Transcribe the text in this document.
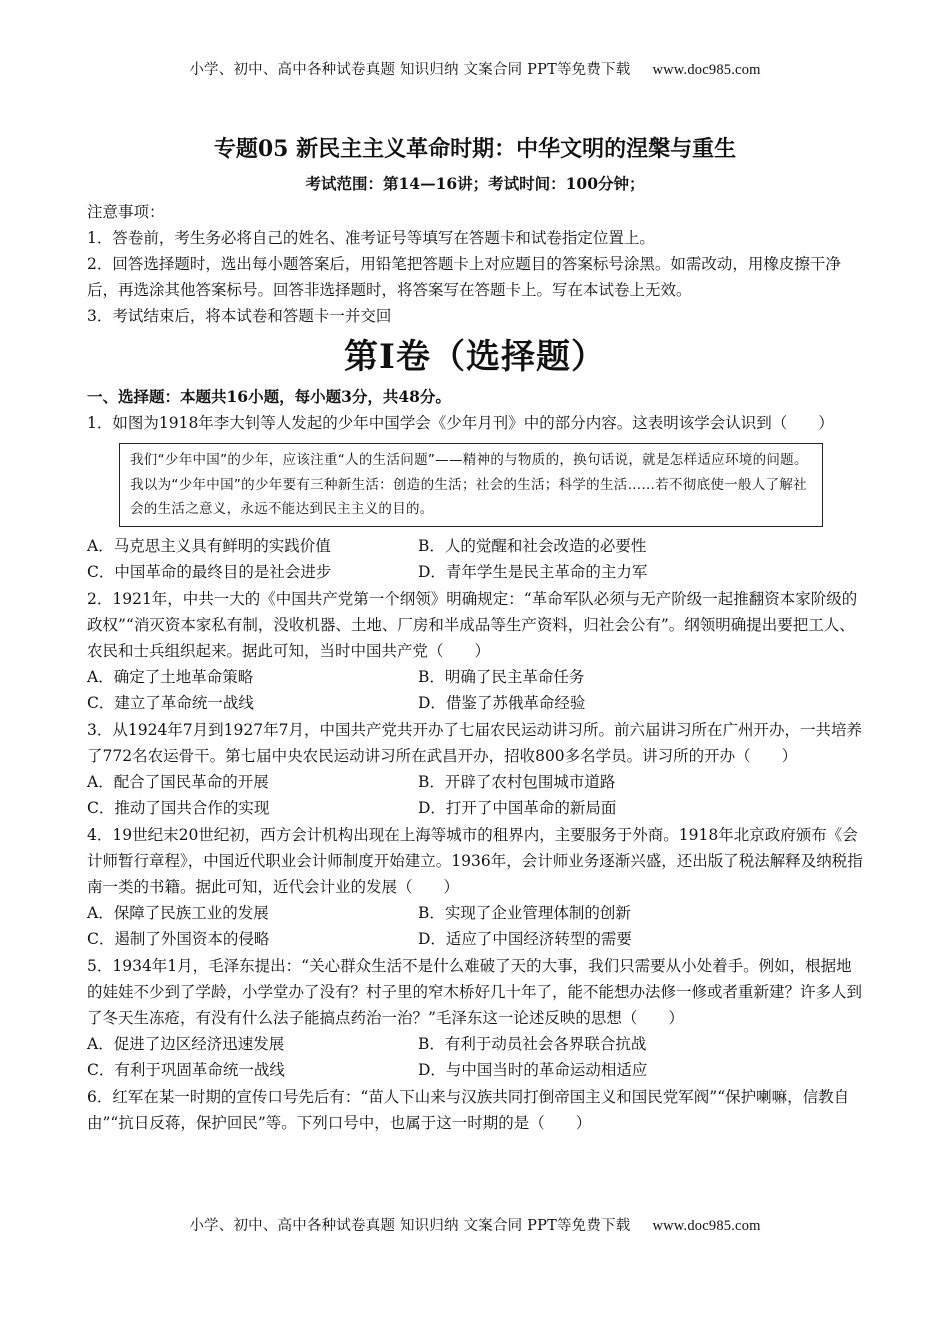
小学、初中、高中各种试卷真题 知识归纳 文案合同 PPT等免费下载 www.doc985.com
专题05 新民主主义革命时期：中华文明的涅槃与重生
考试范围：第14—16讲；考试时间：100分钟；

注意事项：

1．答卷前，考生务必将自己的姓名、准考证号等填写在答题卡和试卷指定位置上。

2．回答选择题时，选出每小题答案后，用铅笔把答题卡上对应题目的答案标号涂黑。如需改动，用橡皮擦干净后，再选涂其他答案标号。回答非选择题时，将答案写在答题卡上。写在本试卷上无效。

3．考试结束后，将本试卷和答题卡一并交回

第I卷（选择题）

一、选择题：本题共16小题，每小题3分，共48分。

1．如图为1918年李大钊等人发起的少年中国学会《少年月刊》中的部分内容。这表明该学会认识到（　　）

我们“少年中国”的少年，应该注重“人的生活问题”——精神的与物质的，换句话说，就是怎样适应环境的问题。我以为“少年中国”的少年要有三种新生活：创造的生活；社会的生活；科学的生活……若不彻底使一般人了解社会的生活之意义，永远不能达到民主主义的目的。
A．马克思主义具有鲜明的实践价值	B．人的觉醒和社会改造的必要性
C．中国革命的最终目的是社会进步	D．青年学生是民主革命的主力军

2．1921年，中共一大的《中国共产党第一个纲领》明确规定：“革命军队必须与无产阶级一起推翻资本家阶级的政权”“消灭资本家私有制，没收机器、土地、厂房和半成品等生产资料，归社会公有”。纲领明确提出要把工人、农民和士兵组织起来。据此可知，当时中国共产党（　　）

A．确定了土地革命策略	B．明确了民主革命任务
C．建立了革命统一战线	D．借鉴了苏俄革命经验

3．从1924年7月到1927年7月，中国共产党共开办了七届农民运动讲习所。前六届讲习所在广州开办，一共培养了772名农运骨干。第七届中央农民运动讲习所在武昌开办，招收800多名学员。讲习所的开办（　　）

A．配合了国民革命的开展	B．开辟了农村包围城市道路
C．推动了国共合作的实现	D．打开了中国革命的新局面

4．19世纪末20世纪初，西方会计机构出现在上海等城市的租界内，主要服务于外商。1918年北京政府颁布《会计师暂行章程》，中国近代职业会计师制度开始建立。1936年，会计师业务逐渐兴盛，还出版了税法解释及纳税指南一类的书籍。据此可知，近代会计业的发展（　　）

A．保障了民族工业的发展	B．实现了企业管理体制的创新
C．遏制了外国资本的侵略	D．适应了中国经济转型的需要

5．1934年1月，毛泽东提出：“关心群众生活不是什么难破了天的大事，我们只需要从小处着手。例如，根据地的娃娃不少到了学龄，小学堂办了没有？村子里的窄木桥好几十年了，能不能想办法修一修或者重新建？许多人到了冬天生冻疮，有没有什么法子能搞点药治一治？”毛泽东这一论述反映的思想（　　）

A．促进了边区经济迅速发展	B．有利于动员社会各界联合抗战
C．有利于巩固革命统一战线	D．与中国当时的革命运动相适应

6．红军在某一时期的宣传口号先后有：“苗人下山来与汉族共同打倒帝国主义和国民党军阀”“保护喇嘛，信教自由”“抗日反蒋，保护回民”等。下列口号中，也属于这一时期的是（　　）

小学、初中、高中各种试卷真题 知识归纳 文案合同 PPT等免费下载 www.doc985.com
